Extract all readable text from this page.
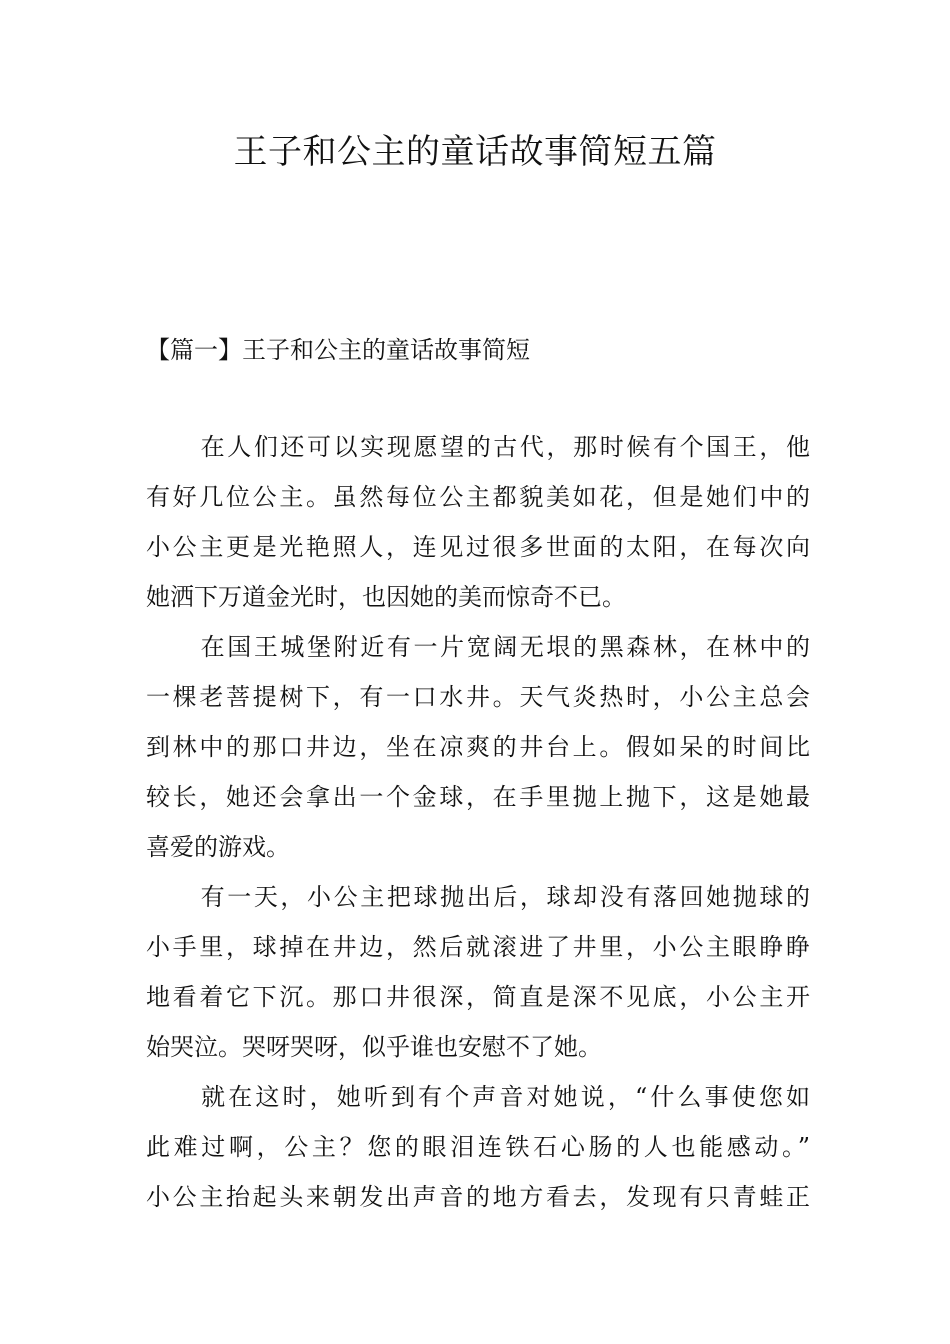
王子和公主的童话故事简短五篇
【篇一】王子和公主的童话故事简短
在人们还可以实现愿望的古代，那时候有个国王，他
有好几位公主。虽然每位公主都貌美如花，但是她们中的
小公主更是光艳照人，连见过很多世面的太阳，在每次向
她洒下万道金光时，也因她的美而惊奇不已。
在国王城堡附近有一片宽阔无垠的黑森林，在林中的
一棵老菩提树下，有一口水井。天气炎热时，小公主总会
到林中的那口井边，坐在凉爽的井台上。假如呆的时间比
较长，她还会拿出一个金球，在手里抛上抛下，这是她最
喜爱的游戏。
有一天，小公主把球抛出后，球却没有落回她抛球的
小手里，球掉在井边，然后就滚进了井里，小公主眼睁睁
地看着它下沉。那口井很深，简直是深不见底，小公主开
始哭泣。哭呀哭呀，似乎谁也安慰不了她。
就在这时，她听到有个声音对她说，“什么事使您如
此难过啊，公主？您的眼泪连铁石心肠的人也能感动。”
小公主抬起头来朝发出声音的地方看去，发现有只青蛙正
